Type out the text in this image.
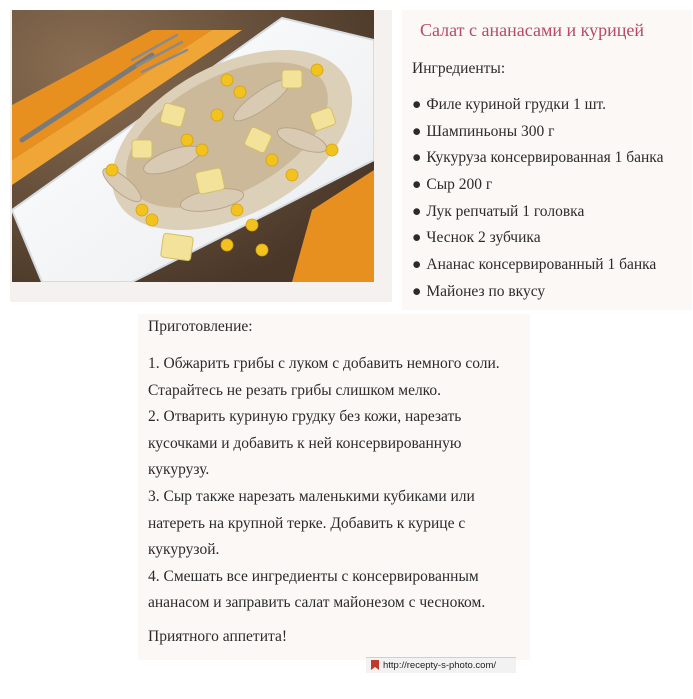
Салат с ананасами и курицей
Ингредиенты:
● Филе куриной грудки 1 шт.
● Шампиньоны 300 г
● Кукуруза консервированная 1 банка
● Сыр 200 г
● Лук репчатый 1 головка
● Чеснок 2 зубчика
● Ананас консервированный 1 банка
● Майонез по вкусу
Приготовление:
1. Обжарить грибы с луком с добавить немного соли.
Старайтесь не резать грибы слишком мелко.
2. Отварить куриную грудку без кожи, нарезать
кусочками и добавить к ней консервированную
кукурузу.
3. Сыр также нарезать маленькими кубиками или
натереть на крупной терке. Добавить к курице с
кукурузой.
4. Смешать все ингредиенты с консервированным
ананасом и заправить салат майонезом с чесноком.
Приятного аппетита!
http://recepty-s-photo.com/
